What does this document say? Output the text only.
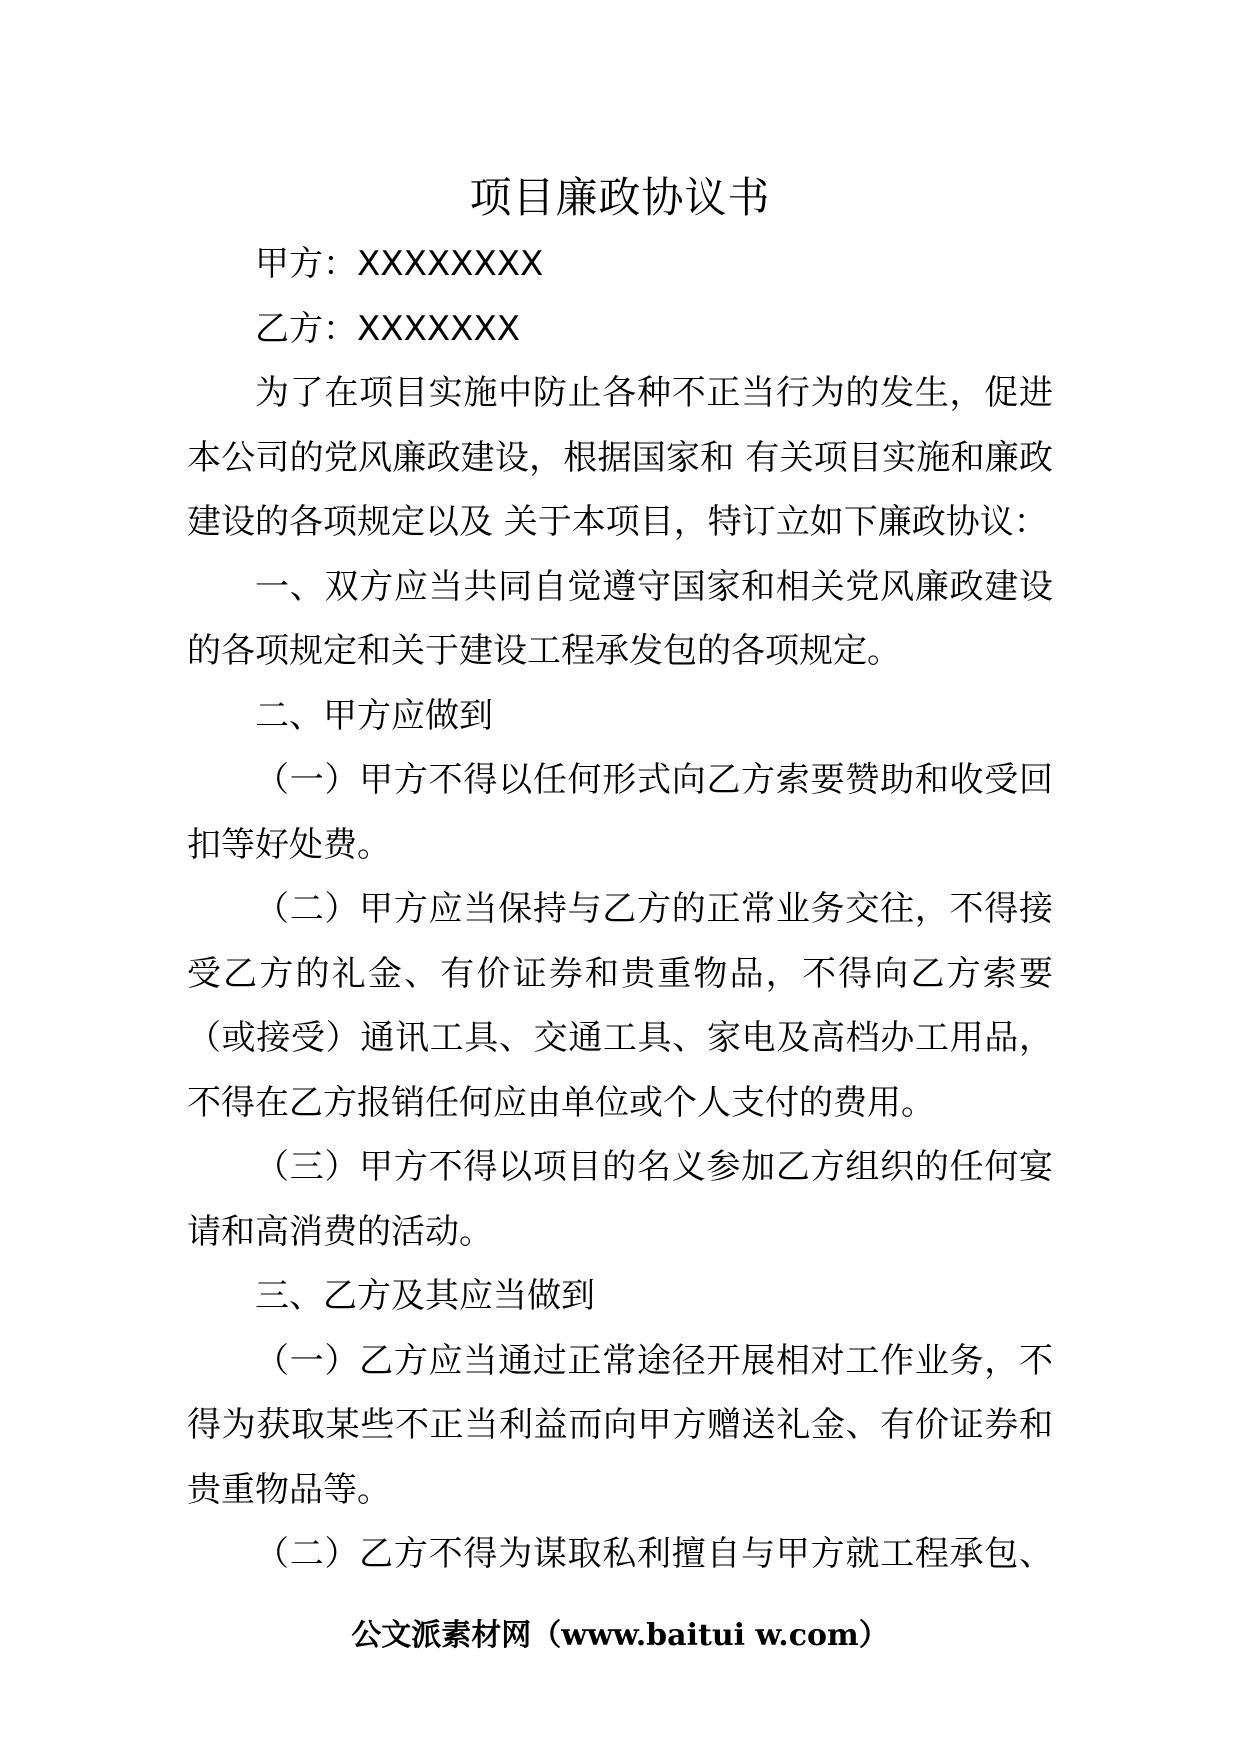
项目廉政协议书
甲方：XXXXXXXX
乙方：XXXXXXX
为了在项目实施中防止各种不正当行为的发生，促进
本公司的党风廉政建设，根据国家和 有关项目实施和廉政
建设的各项规定以及 关于本项目，特订立如下廉政协议：
一、双方应当共同自觉遵守国家和相关党风廉政建设
的各项规定和关于建设工程承发包的各项规定。
二、甲方应做到
（一）甲方不得以任何形式向乙方索要赞助和收受回
扣等好处费。
（二）甲方应当保持与乙方的正常业务交往，不得接
受乙方的礼金、有价证券和贵重物品，不得向乙方索要
（或接受）通讯工具、交通工具、家电及高档办工用品，
不得在乙方报销任何应由单位或个人支付的费用。
（三）甲方不得以项目的名义参加乙方组织的任何宴
请和高消费的活动。
三、乙方及其应当做到
（一）乙方应当通过正常途径开展相对工作业务，不
得为获取某些不正当利益而向甲方赠送礼金、有价证券和
贵重物品等。
（二）乙方不得为谋取私利擅自与甲方就工程承包、
公文派素材网（www.baitui w.com）
